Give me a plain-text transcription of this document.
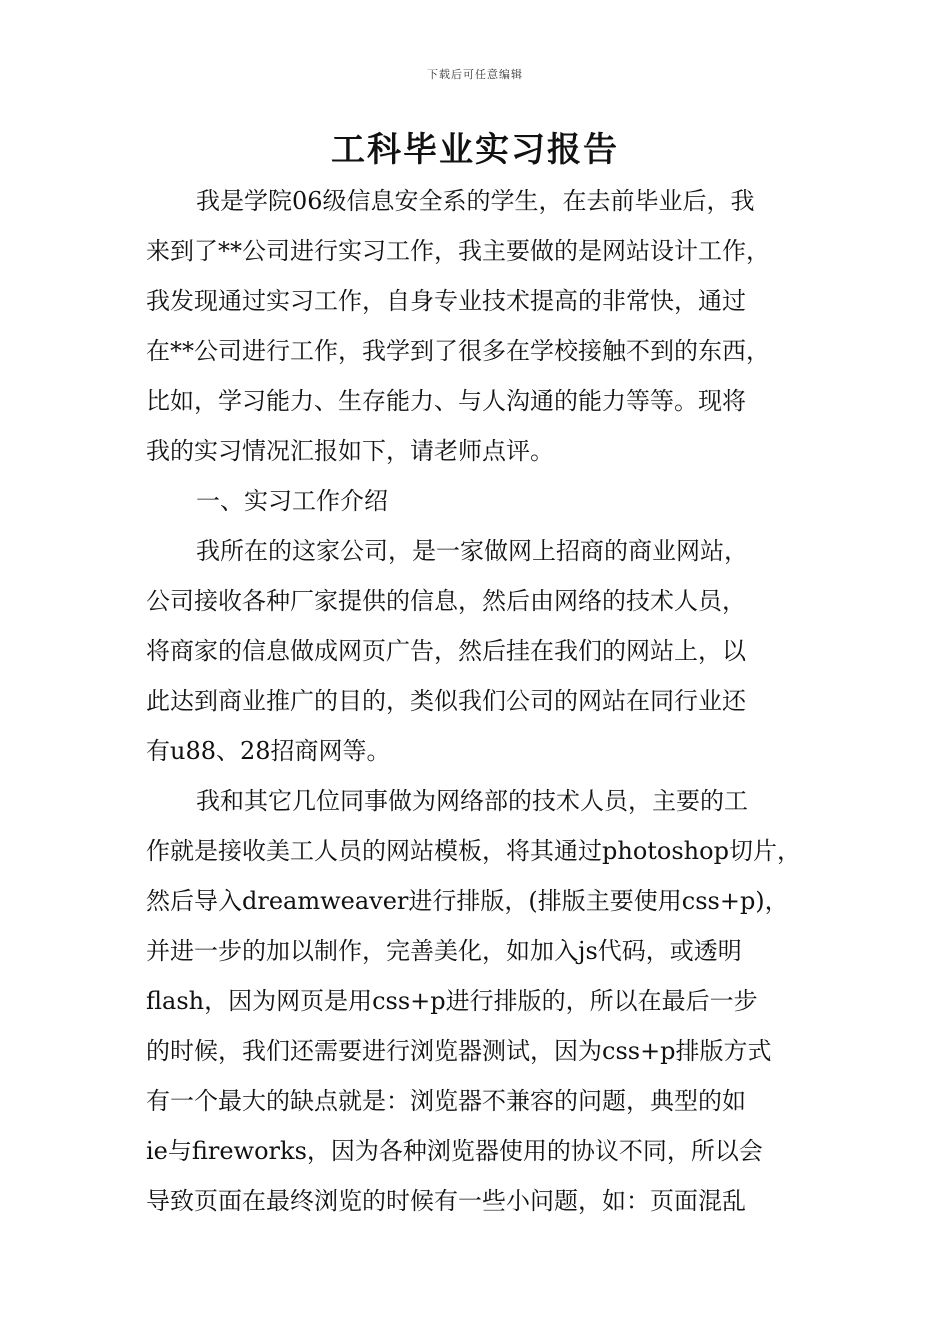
下载后可任意编辑
工科毕业实习报告
我是学院06级信息安全系的学生，在去前毕业后，我
来到了**公司进行实习工作，我主要做的是网站设计工作，
我发现通过实习工作，自身专业技术提高的非常快，通过
在**公司进行工作，我学到了很多在学校接触不到的东西，
比如，学习能力、生存能力、与人沟通的能力等等。现将
我的实习情况汇报如下，请老师点评。
一、实习工作介绍
我所在的这家公司，是一家做网上招商的商业网站，
公司接收各种厂家提供的信息，然后由网络的技术人员，
将商家的信息做成网页广告，然后挂在我们的网站上，以
此达到商业推广的目的，类似我们公司的网站在同行业还
有u88、28招商网等。
我和其它几位同事做为网络部的技术人员，主要的工
作就是接收美工人员的网站模板，将其通过photoshop切片，
然后导入dreamweaver进行排版，(排版主要使用css+p)，
并进一步的加以制作，完善美化，如加入js代码，或透明
flash，因为网页是用css+p进行排版的，所以在最后一步
的时候，我们还需要进行浏览器测试，因为css+p排版方式
有一个最大的缺点就是：浏览器不兼容的问题，典型的如
ie与fireworks，因为各种浏览器使用的协议不同，所以会
导致页面在最终浏览的时候有一些小问题，如：页面混乱
